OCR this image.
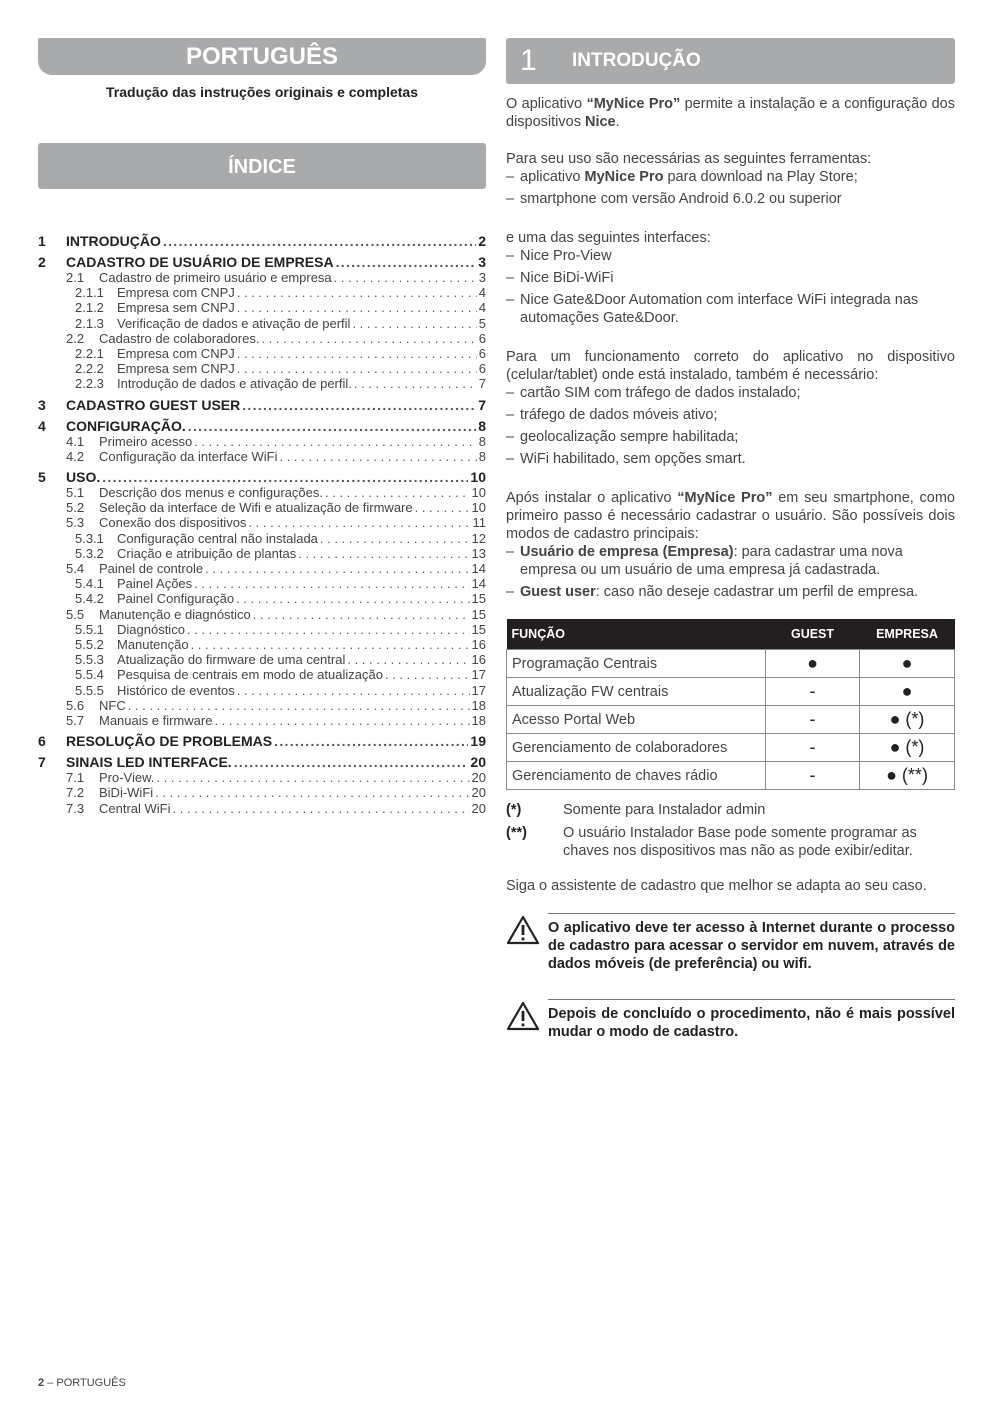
PORTUGUÊS
Tradução das instruções originais e completas
ÍNDICE
1	INTRODUÇÃO .....	2
2	CADASTRO DE USUÁRIO DE EMPRESA .....	3
2.1	Cadastro de primeiro usuário e empresa . . .	3
2.1.1	Empresa com CNPJ . . .	4
2.1.2	Empresa sem CNPJ . . .	4
2.1.3	Verificação de dados e ativação de perfil . . .	5
2.2	Cadastro de colaboradores. . . .	6
2.2.1	Empresa com CNPJ . . .	6
2.2.2	Empresa sem CNPJ . . .	6
2.2.3	Introdução de dados e ativação de perfil. . . .	7
3	CADASTRO GUEST USER .....	7
4	CONFIGURAÇÃO. .....	8
4.1	Primeiro acesso . . .	8
4.2	Configuração da interface WiFi . . .	8
5	USO. .....	10
5.1	Descrição dos menus e configurações. . . .	10
5.2	Seleção da interface de Wifi e atualização de firmware . . .	10
5.3	Conexão dos dispositivos . . .	11
5.3.1	Configuração central não instalada . . .	12
5.3.2	Criação e atribuição de plantas . . .	13
5.4	Painel de controle . . .	14
5.4.1	Painel Ações . . .	14
5.4.2	Painel Configuração . . .	15
5.5	Manutenção e diagnóstico . . .	15
5.5.1	Diagnóstico . . .	15
5.5.2	Manutenção . . .	16
5.5.3	Atualização do firmware de uma central . . .	16
5.5.4	Pesquisa de centrais em modo de atualização . . .	17
5.5.5	Histórico de eventos . . .	17
5.6	NFC . . .	18
5.7	Manuais e firmware . . .	18
6	RESOLUÇÃO DE PROBLEMAS .....	19
7	SINAIS LED INTERFACE. .....	20
7.1	Pro-View. . . .	20
7.2	BiDi-WiFi . . .	20
7.3	Central WiFi . . .	20
1	INTRODUÇÃO

O aplicativo “MyNice Pro” permite a instalação e a configuração dos dispositivos Nice.

Para seu uso são necessárias as seguintes ferramentas:

– aplicativo MyNice Pro para download na Play Store;
– smartphone com versão Android 6.0.2 ou superior

e uma das seguintes interfaces:

– Nice Pro-View
– Nice BiDi-WiFi
– Nice Gate&Door Automation com interface WiFi integrada nas automações Gate&Door.

Para um funcionamento correto do aplicativo no dispositivo (celular/tablet) onde está instalado, também é necessário:

– cartão SIM com tráfego de dados instalado;
– tráfego de dados móveis ativo;
– geolocalização sempre habilitada;
– WiFi habilitado, sem opções smart.

Após instalar o aplicativo “MyNice Pro” em seu smartphone, como primeiro passo é necessário cadastrar o usuário. São possíveis dois modos de cadastro principais:

– Usuário de empresa (Empresa): para cadastrar uma nova empresa ou um usuário de uma empresa já cadastrada.
– Guest user: caso não deseje cadastrar um perfil de empresa.
FUNÇÃO	GUEST	EMPRESA
Programação Centrais	●	●
Atualização FW centrais	-	●
Acesso Portal Web	-	● (*)
Gerenciamento de colaboradores	-	● (*)
Gerenciamento de chaves rádio	-	● (**)
(*)	Somente para Instalador admin
(**)	O usuário Instalador Base pode somente programar as chaves nos dispositivos mas não as pode exibir/editar.

Siga o assistente de cadastro que melhor se adapta ao seu caso.

O aplicativo deve ter acesso à Internet durante o processo de cadastro para acessar o servidor em nuvem, através de dados móveis (de preferência) ou wifi.
Depois de concluído o procedimento, não é mais possível mudar o modo de cadastro.
2 – PORTUGUÊS
